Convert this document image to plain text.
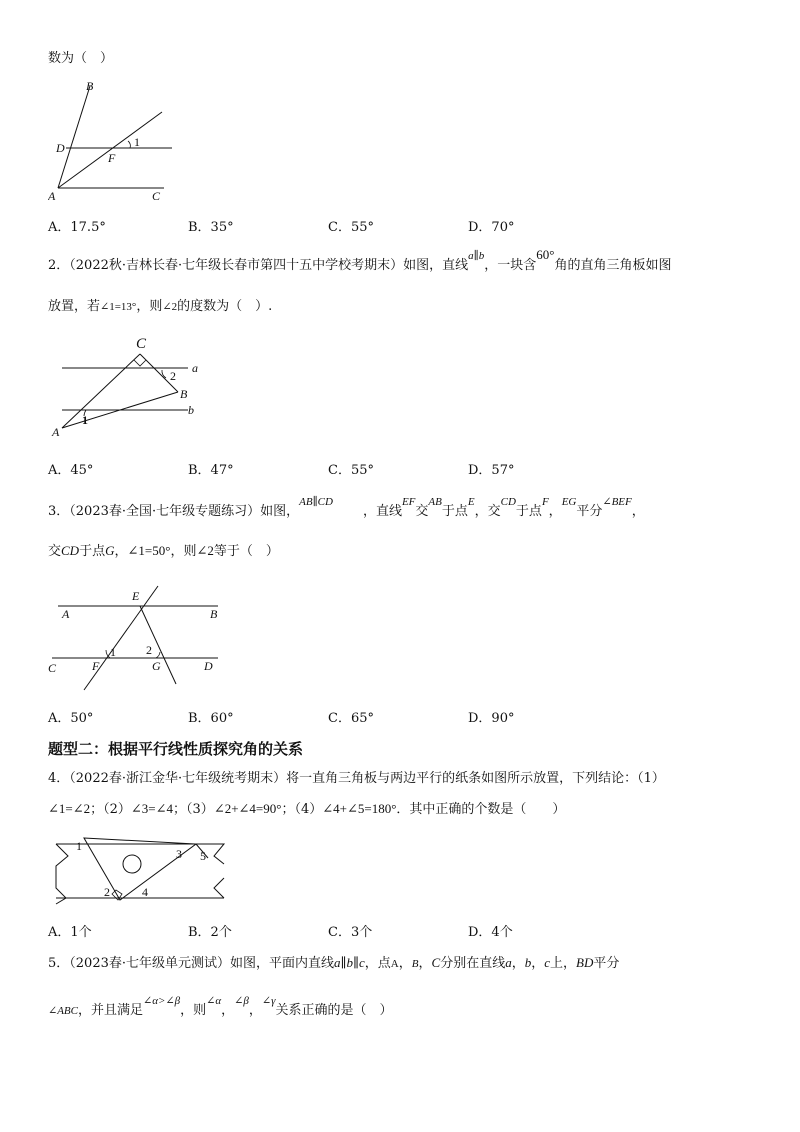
数为（　）
B
D
F
1
A	C
A．17.5°	B．35°	C．55°	D．70°
2．（2022秋·吉林长春·七年级长春市第四十五中学校考期末）如图，直线$^{a\parallel b}$，一块含60°角的直角三角板如图
放置，若∠1=13°，则∠2的度数为（　）.
C
a
2
B
b
1
A
A．45°	B．47°	C．55°	D．57°
3．（2023春·全国·七年级专题练习）如图，$^{AB\parallel CD}$，直线$^{EF}$交$^{AB}$于点$^E$，交$^{CD}$于点$^F$，$^{EG}$平分$^{\angle BEF}$，
交CD于点G，∠1=50°，则∠2等于（　）
A
E
B
C	F
1	2
G	D
A．50°	B．60°	C．65°	D．90°
题型二：根据平行线性质探究角的关系
4．（2022春·浙江金华·七年级统考期末）将一直角三角板与两边平行的纸条如图所示放置，下列结论：（1）
∠1=∠2；（2）∠3=∠4；（3）∠2+∠4=90°；（4）∠4+∠5=180°．其中正确的个数是（　　）
1
3 5
2	4
A．1个	B．2个	C．3个	D．4个
5．（2023春·七年级单元测试）如图，平面内直线a∥b∥c，点A，B，C分别在直线a，b，c上，BD平分
∠ABC，并且满足$^{\angle\alpha>\angle\beta}$，则$^{\angle\alpha}$，$^{\angle\beta}$，$^{\angle\gamma}$关系正确的是（　）
